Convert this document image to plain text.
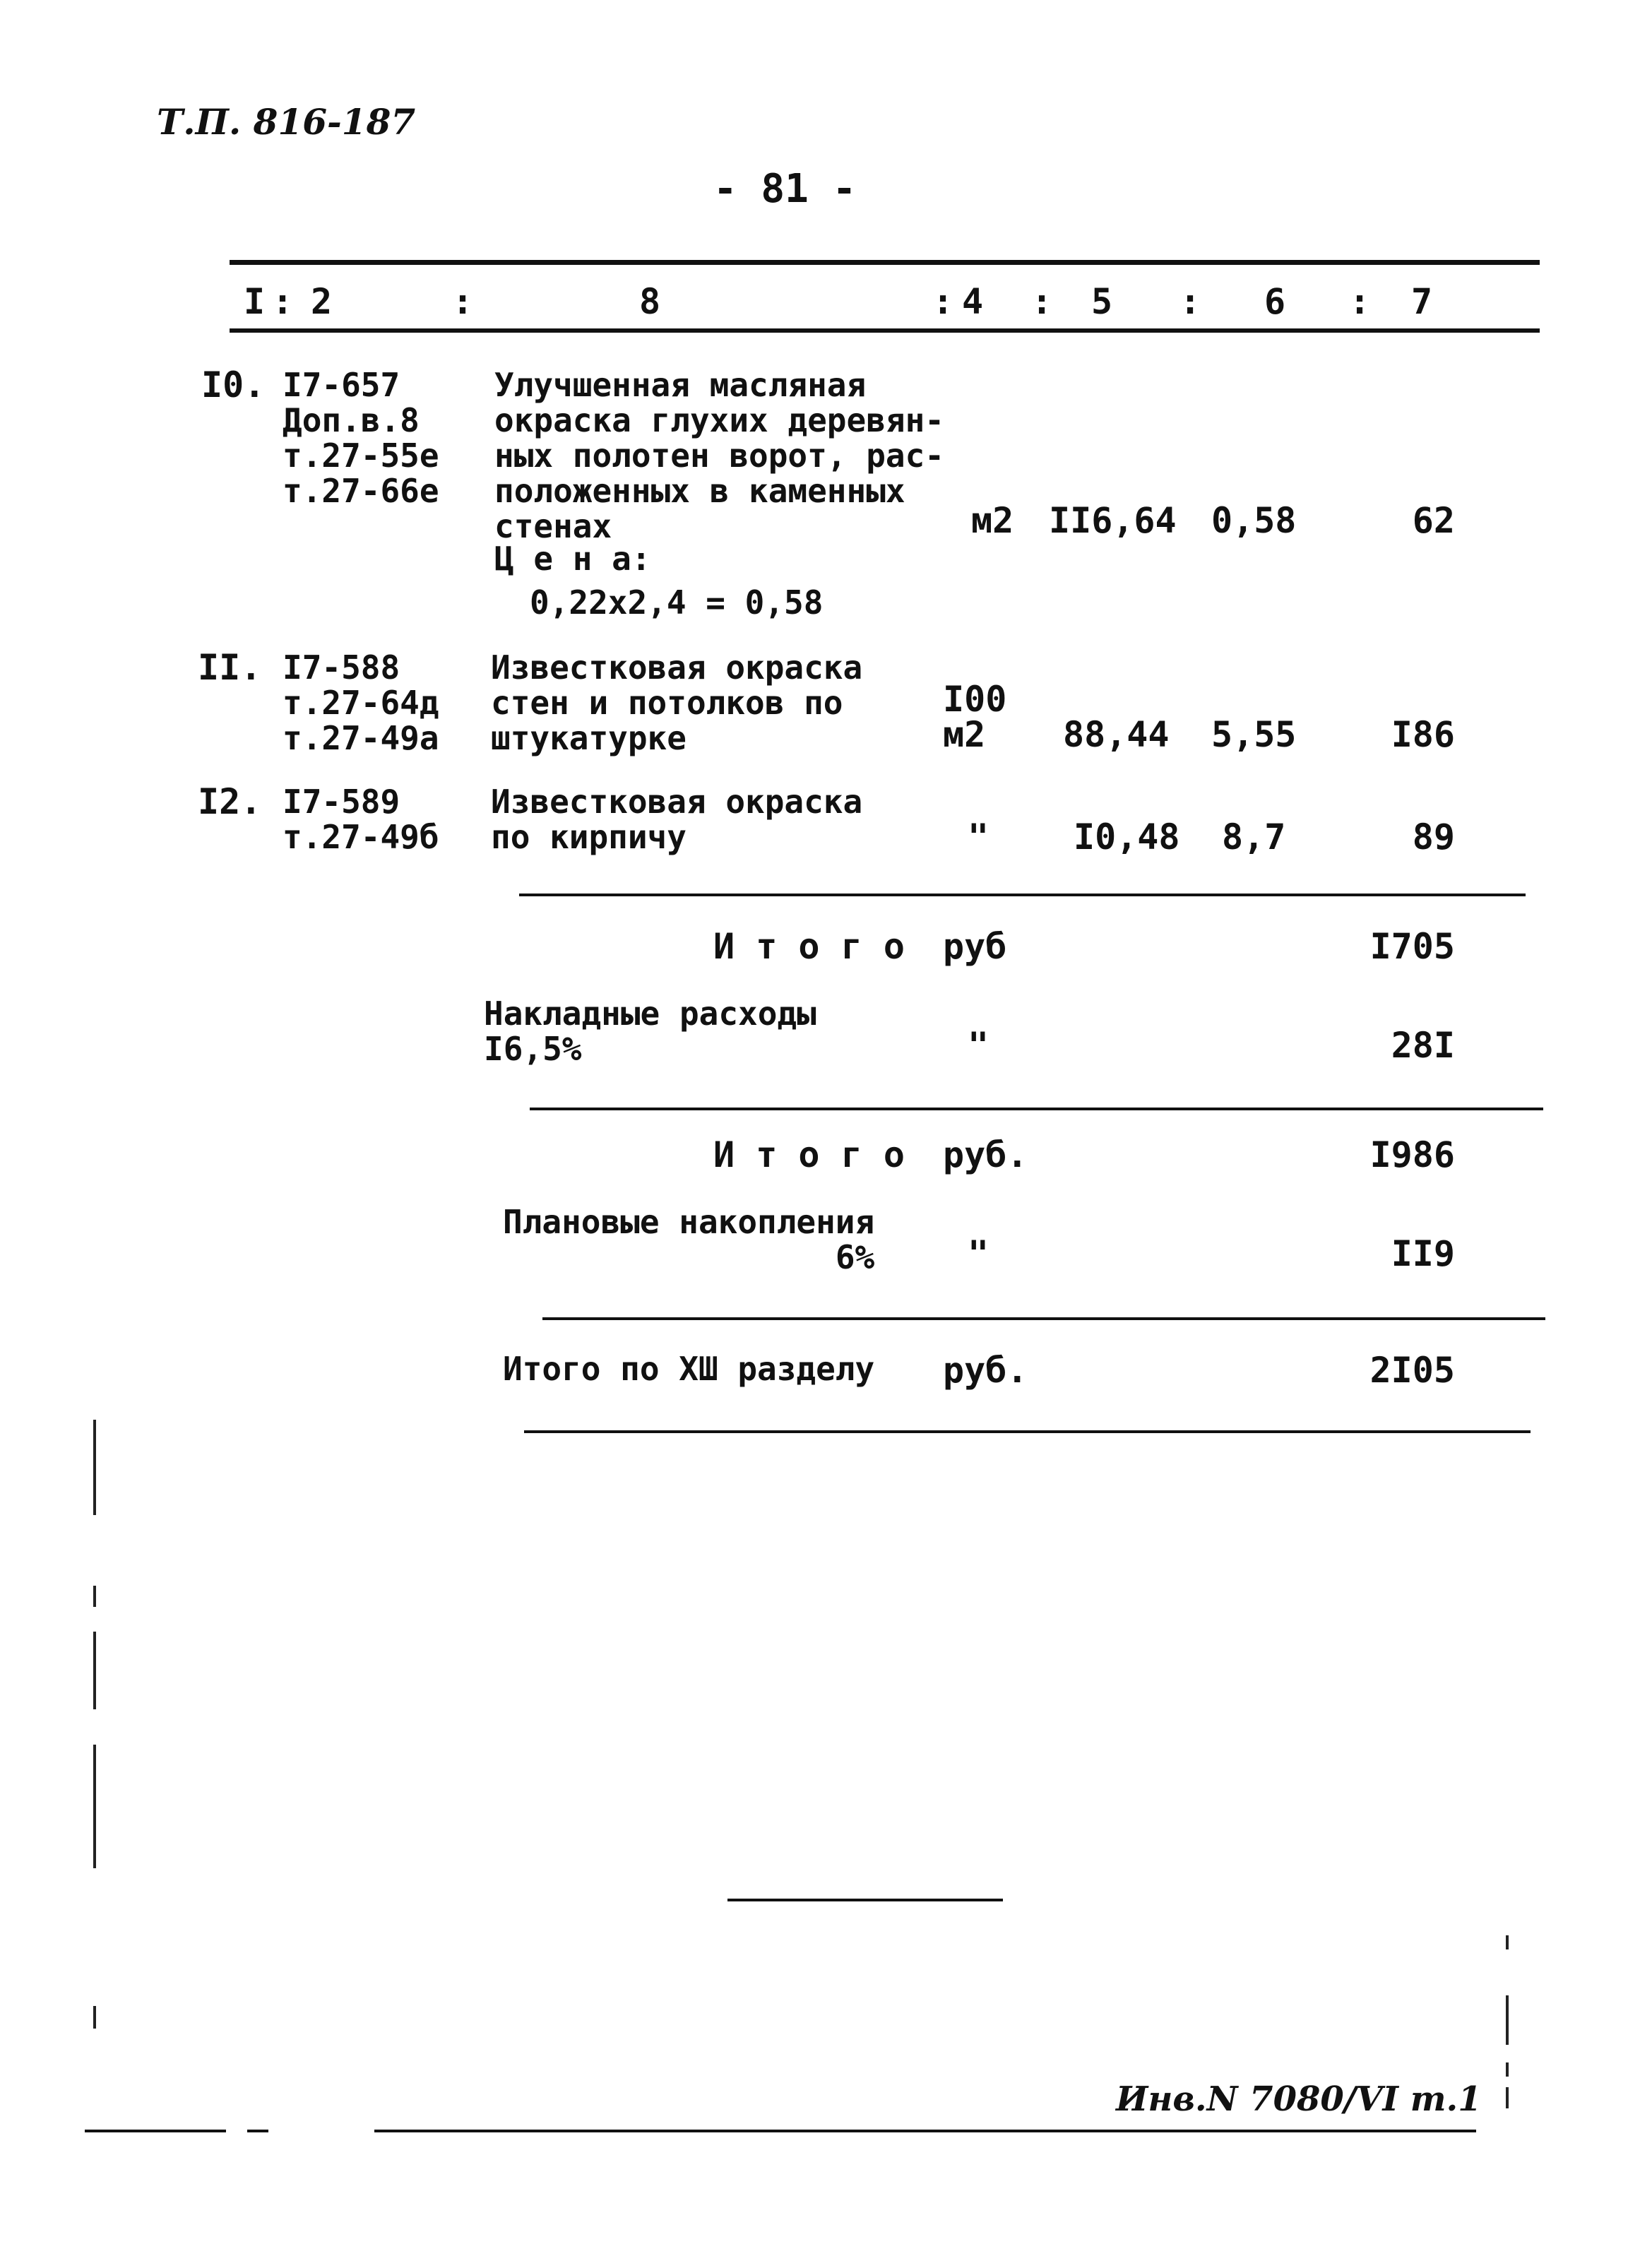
Т.П. 816-187
- 81 -
I : 2	:	8	: 4 : 5 : 6 : 7
I0. I7-657
Доп.в.8
т.27-55е
т.27-66е
Улучшенная масляная
окраска глухих деревян-
ных полотен ворот, рас-
положенных в каменных
стенах
Ц е н а:
0,22х2,4 = 0,58
м2 II6,64 0,58	62
II. I7-588
т.27-64д
т.27-49а
Известковая окраска
стен и потолков по
штукатурке
I00
м2	88,44 5,55	I86
I2. I7-589
т.27-49б
Известковая окраска
по кирпичу	" I0,48 8,7	89
И т о г о руб	I705
Накладные расходы
I6,5%	"	28I
И т о г о руб.	I986
Плановые накопления
6%	"	II9
Итого по XШ разделу руб.	2I05
Инв.N 7080/VI т.1
